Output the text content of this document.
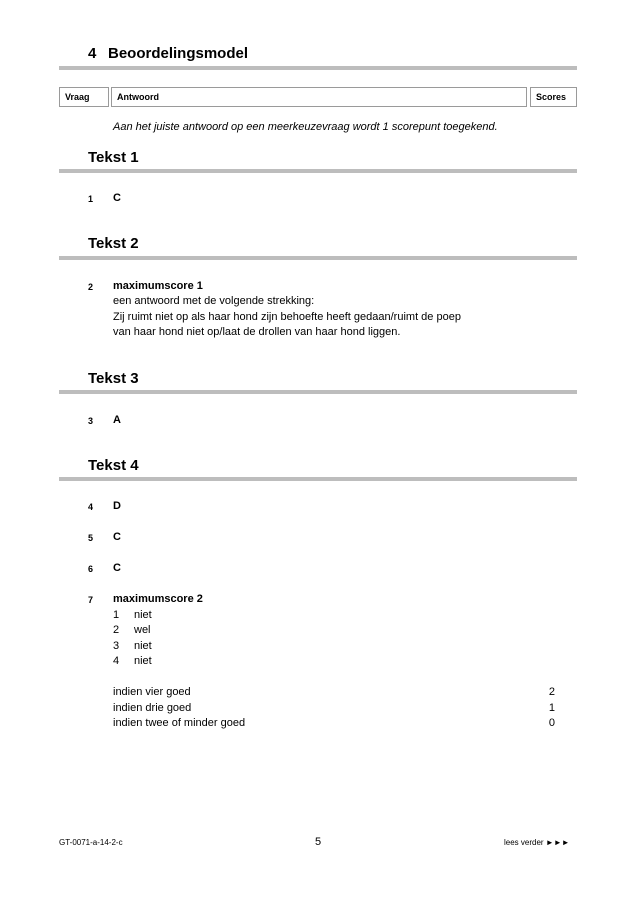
4 Beoordelingsmodel
Vraag	Antwoord	Scores
Aan het juiste antwoord op een meerkeuzevraag wordt 1 scorepunt toegekend.
Tekst 1
1 C
Tekst 2
2 maximumscore 1
een antwoord met de volgende strekking:
Zij ruimt niet op als haar hond zijn behoefte heeft gedaan/ruimt de poep
van haar hond niet op/laat de drollen van haar hond liggen.
Tekst 3
3 A
Tekst 4
4 D
5 C
6 C
7 maximumscore 2
1 niet
2 wel
3 niet
4 niet
indien vier goed	2
indien drie goed	1
indien twee of minder goed	0
GT-0071-a-14-2-c	5	lees verder ►►►
